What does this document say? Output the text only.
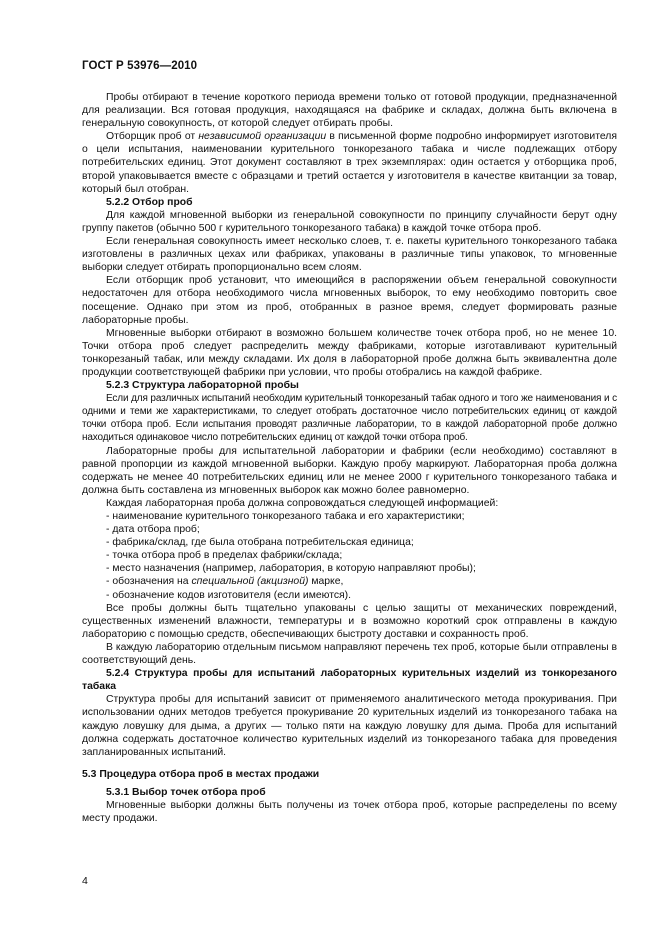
ГОСТ Р 53976—2010

Пробы отбирают в течение короткого периода времени только от готовой продукции, предназначенной для реализации. Вся готовая продукция, находящаяся на фабрике и складах, должна быть включена в генеральную совокупность, от которой следует отбирать пробы.

Отборщик проб от независимой организации в письменной форме подробно информирует изготовителя о цели испытания, наименовании курительного тонкорезаного табака и числе подлежащих отбору потребительских единиц. Этот документ составляют в трех экземплярах: один остается у отборщика проб, второй упаковывается вместе с образцами и третий остается у изготовителя в качестве квитанции за товар, который был отобран.

5.2.2 Отбор проб

Для каждой мгновенной выборки из генеральной совокупности по принципу случайности берут одну группу пакетов (обычно 500 г курительного тонкорезаного табака) в каждой точке отбора проб.

Если генеральная совокупность имеет несколько слоев, т. е. пакеты курительного тонкорезаного табака изготовлены в различных цехах или фабриках, упакованы в различные типы упаковок, то мгновенные выборки следует отбирать пропорционально всем слоям.

Если отборщик проб установит, что имеющийся в распоряжении объем генеральной совокупности недостаточен для отбора необходимого числа мгновенных выборок, то ему необходимо повторить свое посещение. Однако при этом из проб, отобранных в разное время, следует формировать разные лабораторные пробы.

Мгновенные выборки отбирают в возможно большем количестве точек отбора проб, но не менее 10. Точки отбора проб следует распределить между фабриками, которые изготавливают курительный тонкорезаный табак, или между складами. Их доля в лабораторной пробе должна быть эквивалентна доле продукции соответствующей фабрики при условии, что пробы отобрались на каждой фабрике.

5.2.3 Структура лабораторной пробы

Если для различных испытаний необходим курительный тонкорезаный табак одного и того же наименования и с одними и теми же характеристиками, то следует отобрать достаточное число потребительских единиц от каждой точки отбора проб. Если испытания проводят различные лаборатории, то в каждой лабораторной пробе должно находиться одинаковое число потребительских единиц от каждой точки отбора проб.

Лабораторные пробы для испытательной лаборатории и фабрики (если необходимо) составляют в равной пропорции из каждой мгновенной выборки. Каждую пробу маркируют. Лабораторная проба должна содержать не менее 40 потребительских единиц или не менее 2000 г курительного тонкорезаного табака и должна быть составлена из мгновенных выборок как можно более равномерно.

Каждая лабораторная проба должна сопровождаться следующей информацией:

- наименование курительного тонкорезаного табака и его характеристики;

- дата отбора проб;

- фабрика/склад, где была отобрана потребительская единица;

- точка отбора проб в пределах фабрики/склада;

- место назначения (например, лаборатория, в которую направляют пробы);

- обозначения на специальной (акцизной) марке,

- обозначение кодов изготовителя (если имеются).

Все пробы должны быть тщательно упакованы с целью защиты от механических повреждений, существенных изменений влажности, температуры и в возможно короткий срок отправлены в каждую лабораторию с помощью средств, обеспечивающих быстроту доставки и сохранность проб.

В каждую лабораторию отдельным письмом направляют перечень тех проб, которые были отправлены в соответствующий день.

5.2.4 Структура пробы для испытаний лабораторных курительных изделий из тонкорезаного табака

Структура пробы для испытаний зависит от применяемого аналитического метода прокуривания. При использовании одних методов требуется прокуривание 20 курительных изделий из тонкорезаного табака на каждую ловушку для дыма, а других — только пяти на каждую ловушку для дыма. Проба для испытаний должна содержать достаточное количество курительных изделий из тонкорезаного табака для проведения запланированных испытаний.

5.3 Процедура отбора проб в местах продажи
5.3.1 Выбор точек отбора проб

Мгновенные выборки должны быть получены из точек отбора проб, которые распределены по всему месту продажи.

4
